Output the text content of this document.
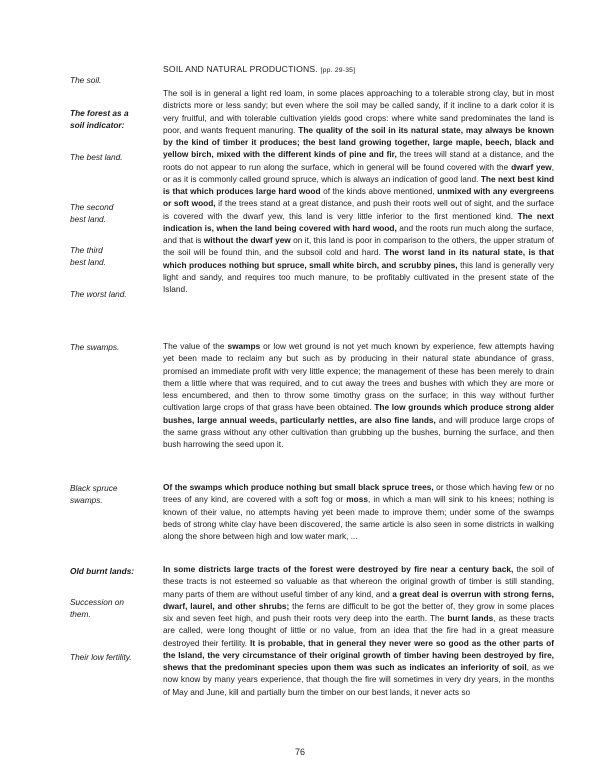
SOIL AND NATURAL PRODUCTIONS. [pp. 29-35]
The soil.
The forest as a soil indicator:
The best land.
The second best land.
The third best land.
The worst land.
The swamps.
Black spruce swamps.
Old burnt lands:
Succession on them.
Their low fertility.
The soil is in general a light red loam, in some places approaching to a tolerable strong clay, but in most districts more or less sandy; but even where the soil may be called sandy, if it incline to a dark color it is very fruitful, and with tolerable cultivation yields good crops: where white sand predominates the land is poor, and wants frequent manuring. The quality of the soil in its natural state, may always be known by the kind of timber it produces; the best land growing together, large maple, beech, black and yellow birch, mixed with the different kinds of pine and fir, the trees will stand at a distance, and the roots do not appear to run along the surface, which in general will be found covered with the dwarf yew, or as it is commonly called ground spruce, which is always an indication of good land. The next best kind is that which produces large hard wood of the kinds above mentioned, unmixed with any evergreens or soft wood, if the trees stand at a great distance, and push their roots well out of sight, and the surface is covered with the dwarf yew, this land is very little inferior to the first mentioned kind. The next indication is, when the land being covered with hard wood, and the roots run much along the surface, and that is without the dwarf yew on it, this land is poor in comparison to the others, the upper stratum of the soil will be found thin, and the subsoil cold and hard. The worst land in its natural state, is that which produces nothing but spruce, small white birch, and scrubby pines, this land is generally very light and sandy, and requires too much manure, to be profitably cultivated in the present state of the Island.
The value of the swamps or low wet ground is not yet much known by experience, few attempts having yet been made to reclaim any but such as by producing in their natural state abundance of grass, promised an immediate profit with very little expence; the management of these has been merely to drain them a little where that was required, and to cut away the trees and bushes with which they are more or less encumbered, and then to throw some timothy grass on the surface; in this way without further cultivation large crops of that grass have been obtained. The low grounds which produce strong alder bushes, large annual weeds, particularly nettles, are also fine lands, and will produce large crops of the same grass without any other cultivation than grubbing up the bushes, burning the surface, and then bush harrowing the seed upon it.
Of the swamps which produce nothing but small black spruce trees, or those which having few or no trees of any kind, are covered with a soft fog or moss, in which a man will sink to his knees; nothing is known of their value, no attempts having yet been made to improve them; under some of the swamps beds of strong white clay have been discovered, the same article is also seen in some districts in walking along the shore between high and low water mark, ...
In some districts large tracts of the forest were destroyed by fire near a century back, the soil of these tracts is not esteemed so valuable as that whereon the original growth of timber is still standing, many parts of them are without useful timber of any kind, and a great deal is overrun with strong ferns, dwarf, laurel, and other shrubs; the ferns are difficult to be got the better of, they grow in some places six and seven feet high, and push their roots very deep into the earth. The burnt lands, as these tracts are called, were long thought of little or no value, from an idea that the fire had in a great measure destroyed their fertility. It is probable, that in general they never were so good as the other parts of the Island, the very circumstance of their original growth of timber having been destroyed by fire, shews that the predominant species upon them was such as indicates an inferiority of soil, as we now know by many years experience, that though the fire will sometimes in very dry years, in the months of May and June, kill and partially burn the timber on our best lands, it never acts so
76
